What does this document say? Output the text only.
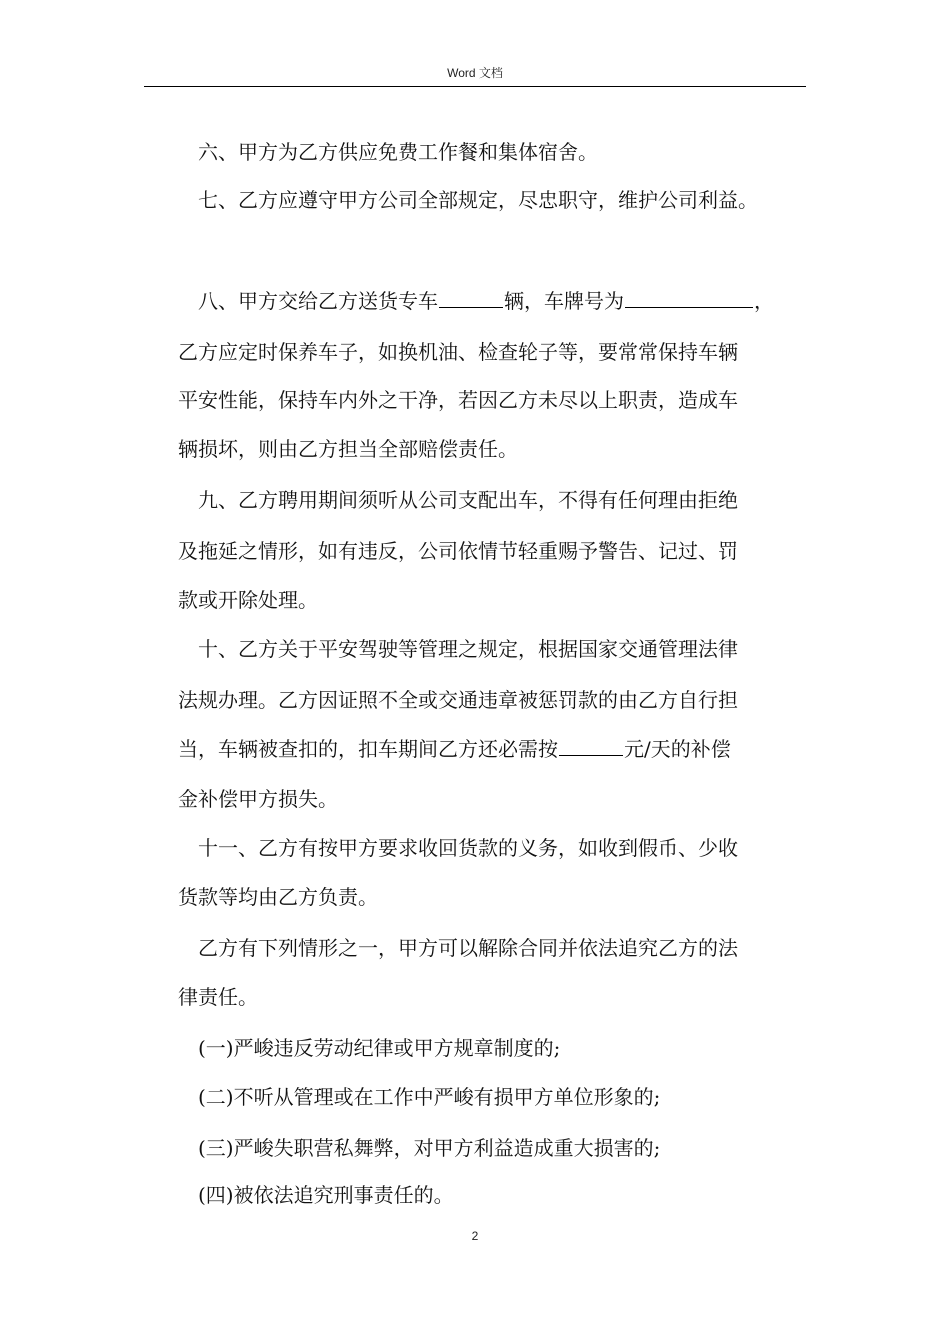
Word 文档
六、甲方为乙方供应免费工作餐和集体宿舍。
七、乙方应遵守甲方公司全部规定，尽忠职守，维护公司利益。
八、甲方交给乙方送货专车	辆，车牌号为	，
乙方应定时保养车子，如换机油、检查轮子等，要常常保持车辆
平安性能，保持车内外之干净，若因乙方未尽以上职责，造成车
辆损坏，则由乙方担当全部赔偿责任。
九、乙方聘用期间须听从公司支配出车，不得有任何理由拒绝
及拖延之情形，如有违反，公司依情节轻重赐予警告、记过、罚
款或开除处理。
十、乙方关于平安驾驶等管理之规定，根据国家交通管理法律
法规办理。乙方因证照不全或交通违章被惩罚款的由乙方自行担
当，车辆被查扣的，扣车期间乙方还必需按	元/天的补偿
金补偿甲方损失。
十一、乙方有按甲方要求收回货款的义务，如收到假币、少收
货款等均由乙方负责。
乙方有下列情形之一，甲方可以解除合同并依法追究乙方的法
律责任。
(一)严峻违反劳动纪律或甲方规章制度的;
(二)不听从管理或在工作中严峻有损甲方单位形象的;
(三)严峻失职营私舞弊，对甲方利益造成重大损害的;
(四)被依法追究刑事责任的。
2
